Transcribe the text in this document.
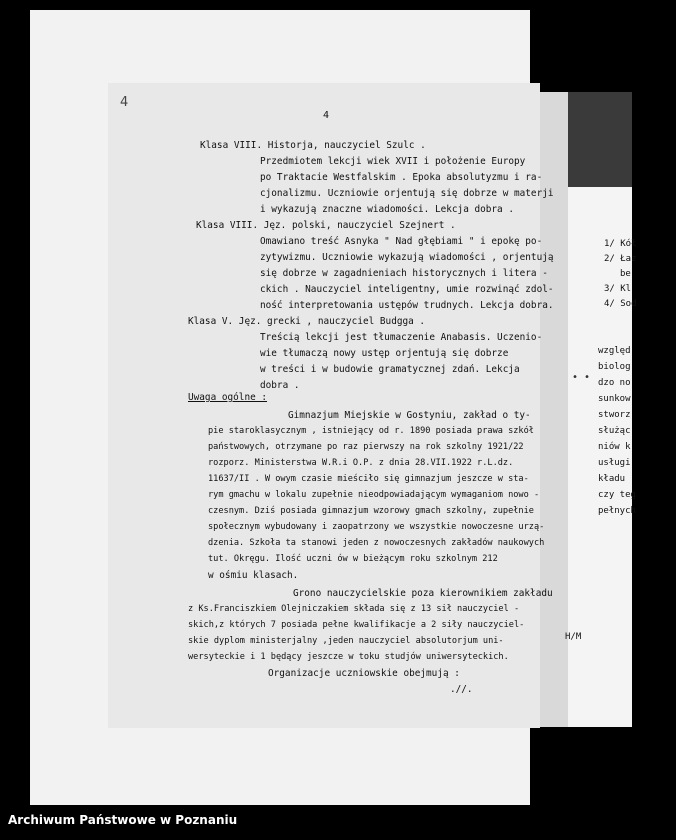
1/ Kół
2/ Łaz
be
3/ Kl
4/ Sod
względ
biolog
dzo no
sunkow
stworz
służąc
niów k
usługi
kładu
czy teg
pełnych
• •
4
4
Klasa VIII. Historja, nauczyciel Szulc .
Przedmiotem lekcji wiek XVII i położenie Europy
po Traktacie Westfalskim . Epoka absolutyzmu i ra-
cjonalizmu. Uczniowie orjentują się dobrze w materji
i wykazują znaczne wiadomości. Lekcja dobra .
Klasa VIII. Jęz. polski, nauczyciel Szejnert .
Omawiano treść Asnyka " Nad głębiami " i epokę po-
zytywizmu. Uczniowie wykazują wiadomości , orjentują
się dobrze w zagadnieniach historycznych i litera -
ckich . Nauczyciel inteligentny, umie rozwinąć zdol-
ność interpretowania ustępów trudnych. Lekcja dobra.
Klasa V. Jęz. grecki , nauczyciel Budgga .
Treścią lekcji jest tłumaczenie Anabasis. Uczenio-
wie tłumaczą nowy ustęp orjentują się dobrze
w treści i w budowie gramatycznej zdań. Lekcja
dobra .
Uwaga ogólne :
Gimnazjum Miejskie w Gostyniu, zakład o ty-
pie staroklasycznym , istniejący od r. 1890 posiada prawa szkół
państwowych, otrzymane po raz pierwszy na rok szkolny 1921/22
rozporz. Ministerstwa W.R.i O.P. z dnia 28.VII.1922 r.L.dz.
11637/II . W owym czasie mieściło się gimnazjum jeszcze w sta-
rym gmachu w lokalu zupełnie nieodpowiadającym wymaganiom nowo -
czesnym. Dziś posiada gimnazjum wzorowy gmach szkolny, zupełnie
społecznym wybudowany i zaopatrzony we wszystkie nowoczesne urzą-
dzenia. Szkoła ta stanowi jeden z nowoczesnych zakładów naukowych
tut. Okręgu. Ilość uczni ów w bieżącym roku szkolnym 212
w ośmiu klasach.
Grono nauczycielskie poza kierownikiem zakładu
z Ks.Franciszkiem Olejniczakiem składa się z 13 sił nauczyciel -
skich,z których 7 posiada pełne kwalifikacje a 2 siły nauczyciel-
skie dyplom ministerjalny ,jeden nauczyciel absolutorjum uni-
wersyteckie i 1 będący jeszcze w toku studjów uniwersyteckich.
Organizacje uczniowskie obejmują :
.//.
H/M
Archiwum Państwowe w Poznaniu
